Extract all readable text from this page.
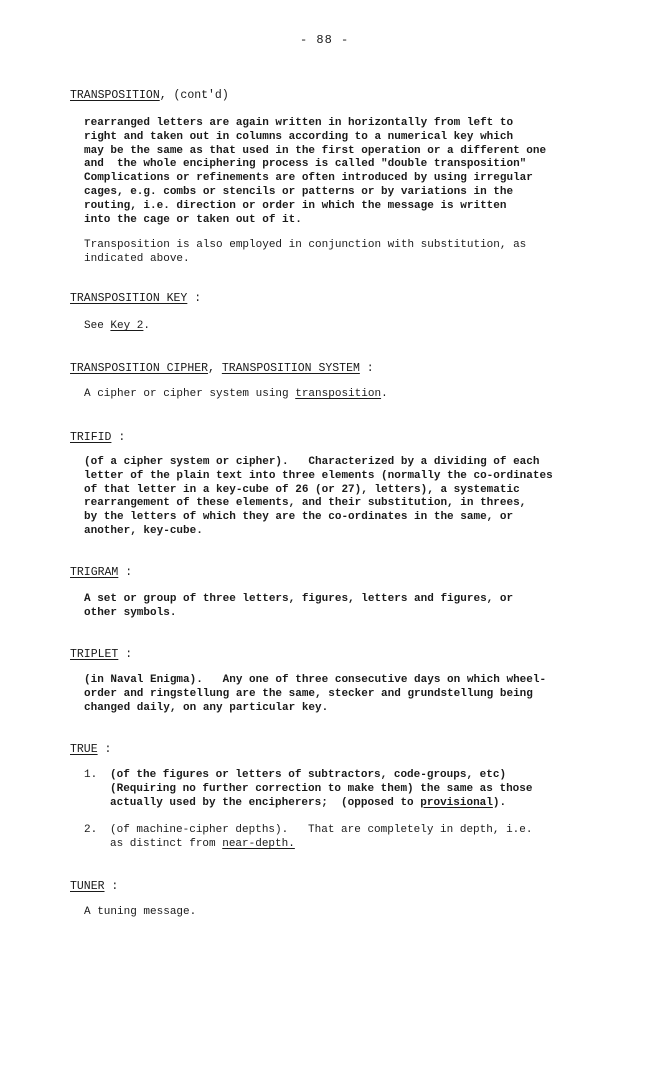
- 88 -
TRANSPOSITION, (cont'd)
rearranged letters are again written in horizontally from left to
right and taken out in columns according to a numerical key which
may be the same as that used in the first operation or a different one
and  the whole enciphering process is called "double transposition"
Complications or refinements are often introduced by using irregular
cages, e.g. combs or stencils or patterns or by variations in the
routing, i.e. direction or order in which the message is written
into the cage or taken out of it.
Transposition is also employed in conjunction with substitution, as
indicated above.
TRANSPOSITION KEY :
See Key 2.
TRANSPOSITION CIPHER, TRANSPOSITION SYSTEM :
A cipher or cipher system using transposition.
TRIFID :
(of a cipher system or cipher).   Characterized by a dividing of each
letter of the plain text into three elements (normally the co-ordinates
of that letter in a key-cube of 26 (or 27), letters), a systematic
rearrangement of these elements, and their substitution, in threes,
by the letters of which they are the co-ordinates in the same, or
another, key-cube.
TRIGRAM :
A set or group of three letters, figures, letters and figures, or
other symbols.
TRIPLET :
(in Naval Enigma).   Any one of three consecutive days on which wheel-
order and ringstellung are the same, stecker and grundstellung being
changed daily, on any particular key.
TRUE :
1. (of the figures or letters of subtractors, code-groups, etc)
(Requiring no further correction to make them) the same as those
actually used by the encipherers;  (opposed to provisional).
2. (of machine-cipher depths).   That are completely in depth, i.e.
as distinct from near-depth.
TUNER :
A tuning message.
